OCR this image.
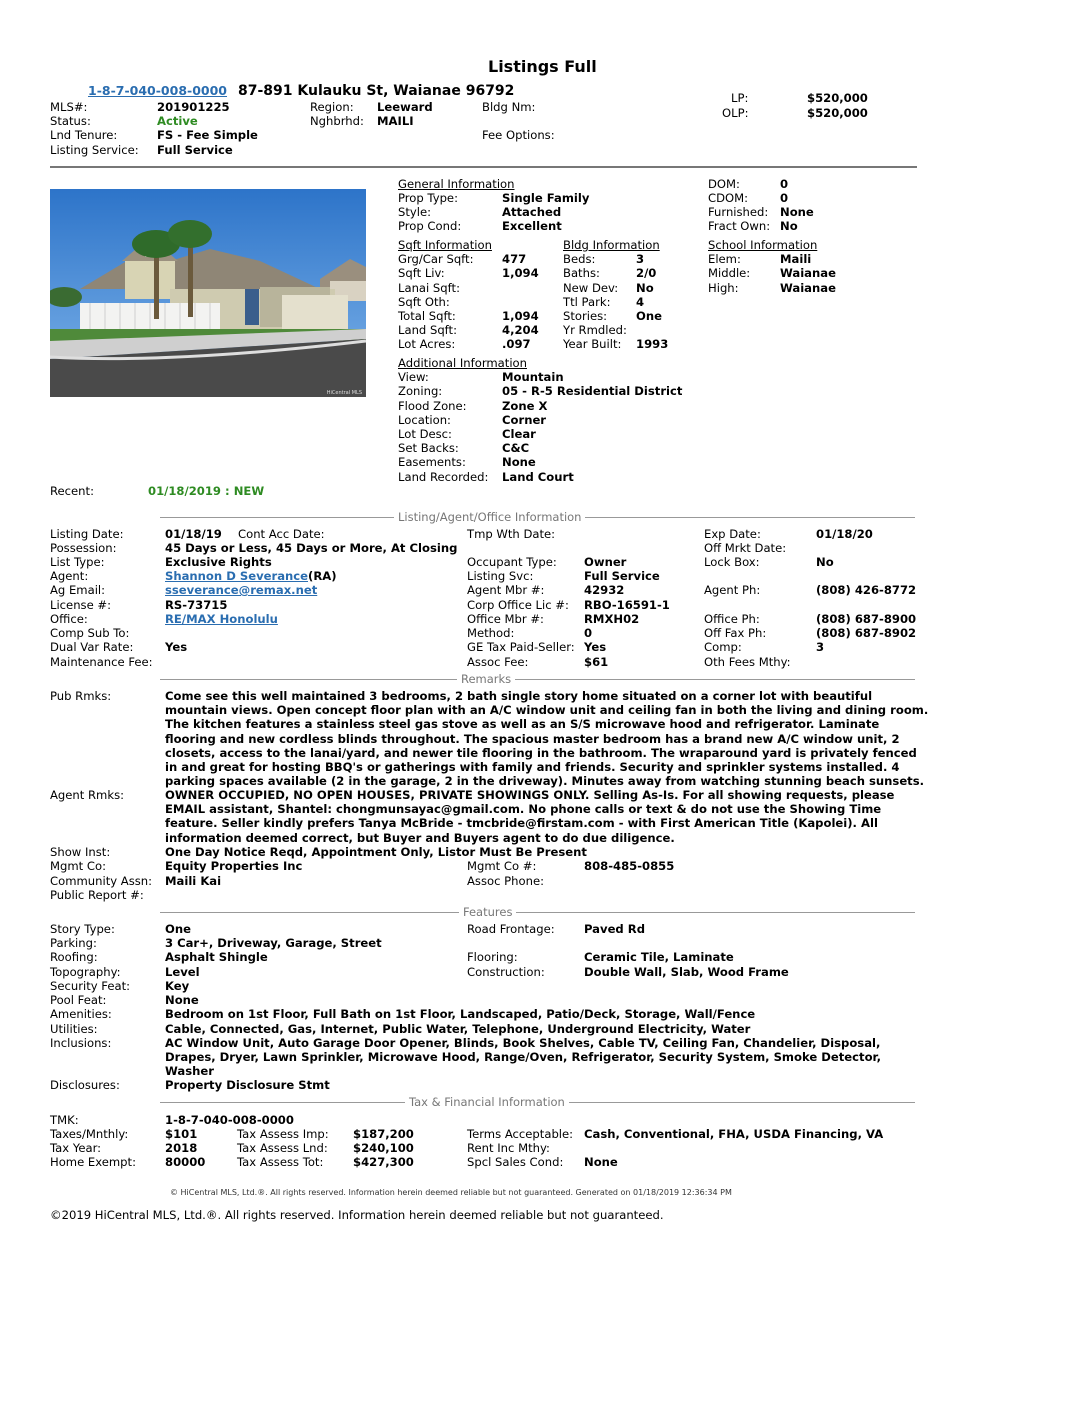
Listings Full
1-8-7-040-008-0000 87-891 Kulauku St, Waianae 96792
MLS#:	201901225
Status:	Active
Lnd Tenure:	FS - Fee Simple
Listing Service: Full Service
Region: Leeward
Nghbrhd: MAILI
Bldg Nm:
Fee Options:
LP:	$520,000
OLP:	$520,000
HiCentral MLS
General Information
Prop Type:	Single Family
Style:	Attached
Prop Cond:	Excellent
DOM:	0
CDOM:	0
Furnished: None
Fract Own: No
Sqft Information
Grg/Car Sqft: 477
Sqft Liv:	1,094
Lanai Sqft:
Sqft Oth:
Total Sqft:	1,094
Land Sqft:	4,204
Lot Acres:	.097
Bldg Information
Beds:	3
Baths:	2/0
New Dev: No
Ttl Park: 4
Stories: One
Yr Rmdled:
Year Built: 1993
School Information
Elem:	Maili
Middle:	Waianae
High:	Waianae
Additional Information
View:	Mountain
Zoning:	05 - R-5 Residential District
Flood Zone:	Zone X
Location:	Corner
Lot Desc:	Clear
Set Backs:	C&C
Easements:	None
Land Recorded: Land Court
Recent:	01/18/2019 : NEW
Listing/Agent/Office Information
Listing Date:	01/18/19 Cont Acc Date:	Tmp Wth Date:	Exp Date:	01/18/20
Possession:	45 Days or Less, 45 Days or More, At Closing	Off Mrkt Date:
List Type:	Exclusive Rights	Occupant Type: Owner	Lock Box:	No
Agent:	Shannon D Severance(RA)	Listing Svc:	Full Service
Ag Email:	sseverance@remax.net	Agent Mbr #:	42932	Agent Ph:	(808) 426-8772
License #:	RS-73715	Corp Office Lic #: RBO-16591-1
Office:	RE/MAX Honolulu	Office Mbr #:	RMXH02	Office Ph:	(808) 687-8900
Comp Sub To:	Method:	0	Off Fax Ph:	(808) 687-8902
Dual Var Rate:	Yes	GE Tax Paid-Seller: Yes	Comp:	3
Maintenance Fee:	Assoc Fee:	$61	Oth Fees Mthy:
Remarks
Pub Rmks:	Come see this well maintained 3 bedrooms, 2 bath single story home situated on a corner lot with beautiful mountain views. Open concept floor plan with an A/C window unit and ceiling fan in both the living and dining room. The kitchen features a stainless steel gas stove as well as an S/S microwave hood and refrigerator. Laminate flooring and new cordless blinds throughout. The spacious master bedroom has a brand new A/C window unit, 2 closets, access to the lanai/yard, and newer tile flooring in the bathroom. The wraparound yard is privately fenced in and great for hosting BBQ's or gatherings with family and friends. Security and sprinkler systems installed. 4 parking spaces available (2 in the garage, 2 in the driveway). Minutes away from watching stunning beach sunsets.
Agent Rmks:	OWNER OCCUPIED, NO OPEN HOUSES, PRIVATE SHOWINGS ONLY. Selling As-Is. For all showing requests, please EMAIL assistant, Shantel: chongmunsayac@gmail.com. No phone calls or text & do not use the Showing Time feature. Seller kindly prefers Tanya McBride - tmcbride@firstam.com - with First American Title (Kapolei). All information deemed correct, but Buyer and Buyers agent to do due diligence.
Show Inst:	One Day Notice Reqd, Appointment Only, Listor Must Be Present
Mgmt Co:	Equity Properties Inc	Mgmt Co #:	808-485-0855
Community Assn: Maili Kai	Assoc Phone:
Public Report #:
Features
Story Type:	One	Road Frontage:	Paved Rd
Parking:	3 Car+, Driveway, Garage, Street
Roofing:	Asphalt Shingle	Flooring:	Ceramic Tile, Laminate
Topography:	Level	Construction:	Double Wall, Slab, Wood Frame
Security Feat:	Key
Pool Feat:	None
Amenities:	Bedroom on 1st Floor, Full Bath on 1st Floor, Landscaped, Patio/Deck, Storage, Wall/Fence
Utilities:	Cable, Connected, Gas, Internet, Public Water, Telephone, Underground Electricity, Water
Inclusions:	AC Window Unit, Auto Garage Door Opener, Blinds, Book Shelves, Cable TV, Ceiling Fan, Chandelier, Disposal, Drapes, Dryer, Lawn Sprinkler, Microwave Hood, Range/Oven, Refrigerator, Security System, Smoke Detector, Washer
Disclosures:	Property Disclosure Stmt
Tax & Financial Information
TMK:	1-8-7-040-008-0000
Taxes/Mnthly:	$101	Tax Assess Imp: $187,200	Terms Acceptable: Cash, Conventional, FHA, USDA Financing, VA
Tax Year:	2018	Tax Assess Lnd: $240,100	Rent Inc Mthy:
Home Exempt:	80000	Tax Assess Tot:	$427,300	Spcl Sales Cond: None
© HiCentral MLS, Ltd.®. All rights reserved. Information herein deemed reliable but not guaranteed. Generated on 01/18/2019 12:36:34 PM
©2019 HiCentral MLS, Ltd.®. All rights reserved. Information herein deemed reliable but not guaranteed.
